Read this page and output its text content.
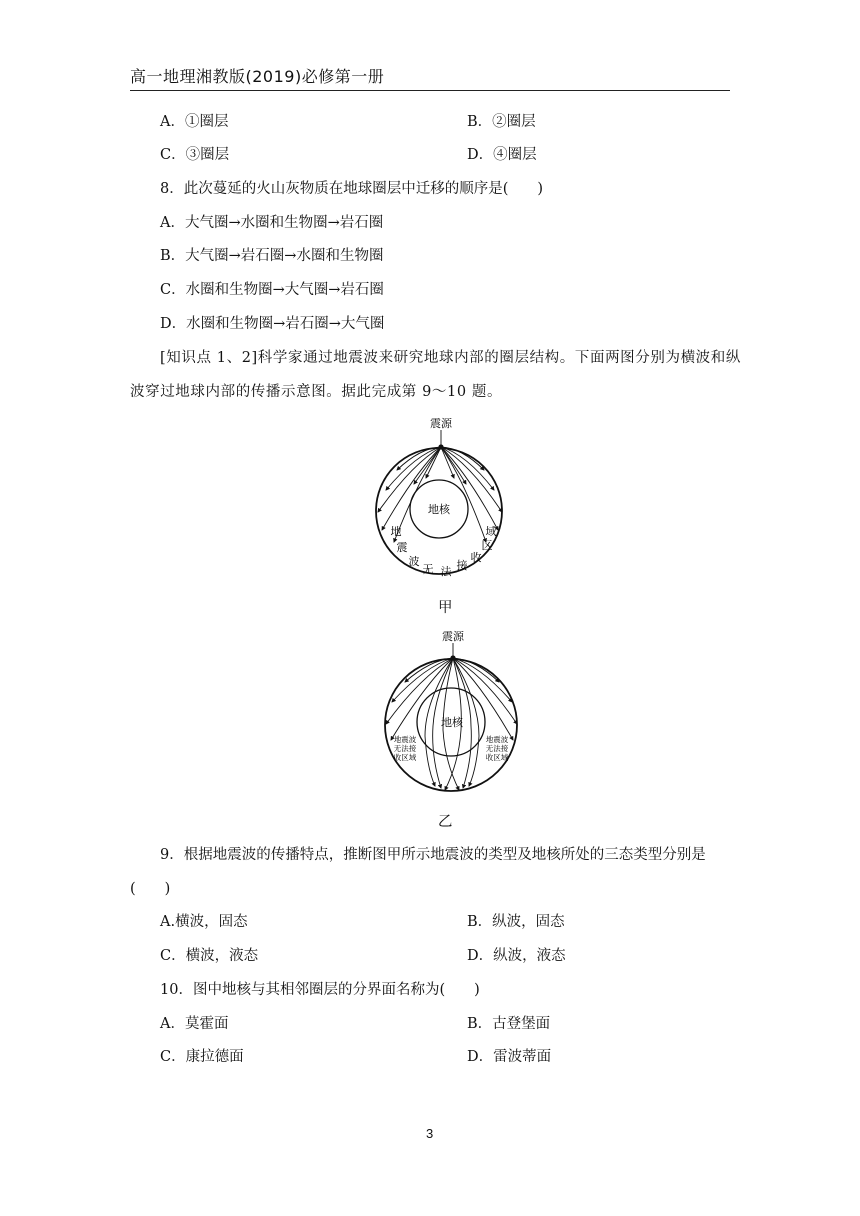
高一地理湘教版(2019)必修第一册
A．①圈层	B．②圈层
C．③圈层	D．④圈层
8．此次蔓延的火山灰物质在地球圈层中迁移的顺序是(　　)
A．大气圈→水圈和生物圈→岩石圈
B．大气圈→岩石圈→水圈和生物圈
C．水圈和生物圈→大气圈→岩石圈
D．水圈和生物圈→岩石圈→大气圈
[知识点 1、2]科学家通过地震波来研究地球内部的圈层结构。下面两图分别为横波和纵
波穿过地球内部的传播示意图。据此完成第 9～10 题。
震源
地核
地
震
波
无 法 接
收
区
域
甲
震源
地核
地震波
无法接
收区域
地震波
无法接
收区域
乙
9．根据地震波的传播特点，推断图甲所示地震波的类型及地核所处的三态类型分别是
(　　)
A.横波，固态	B．纵波，固态
C．横波，液态	D．纵波，液态
10．图中地核与其相邻圈层的分界面名称为(　　)
A．莫霍面	B．古登堡面
C．康拉德面	D．雷波蒂面
3
